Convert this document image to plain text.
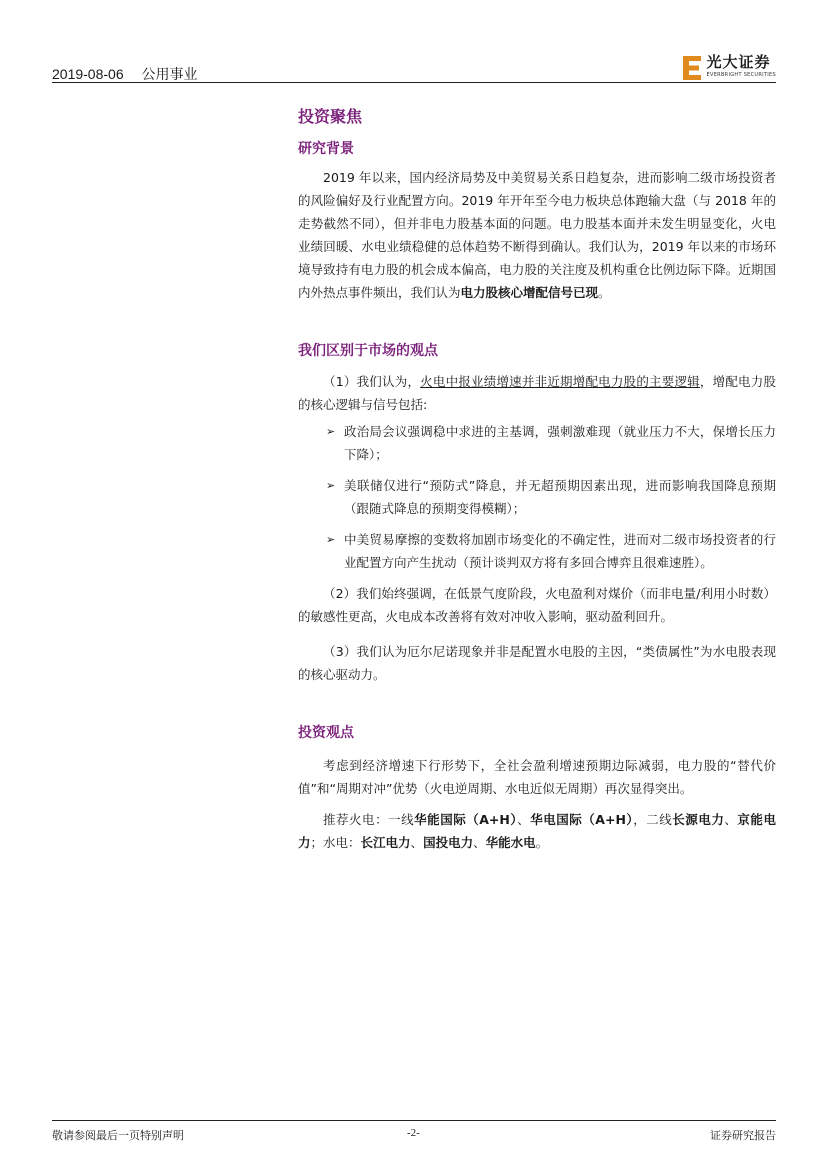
2019-08-06 公用事业
光大证券
EVERBRIGHT SECURITIES
投资聚焦
研究背景

2019 年以来，国内经济局势及中美贸易关系日趋复杂，进而影响二级市场投资者的风险偏好及行业配置方向。2019 年开年至今电力板块总体跑输大盘（与 2018 年的走势截然不同），但并非电力股基本面的问题。电力股基本面并未发生明显变化，火电业绩回暖、水电业绩稳健的总体趋势不断得到确认。我们认为，2019 年以来的市场环境导致持有电力股的机会成本偏高，电力股的关注度及机构重仓比例边际下降。近期国内外热点事件频出，我们认为电力股核心增配信号已现。

我们区别于市场的观点

（1）我们认为，火电中报业绩增速并非近期增配电力股的主要逻辑，增配电力股的核心逻辑与信号包括:

➢ 政治局会议强调稳中求进的主基调，强刺激难现（就业压力不大，保增长压力下降）；
➢ 美联储仅进行“预防式”降息，并无超预期因素出现，进而影响我国降息预期（跟随式降息的预期变得模糊）；
➢ 中美贸易摩擦的变数将加剧市场变化的不确定性，进而对二级市场投资者的行业配置方向产生扰动（预计谈判双方将有多回合博弈且很难速胜）。

（2）我们始终强调，在低景气度阶段，火电盈利对煤价（而非电量/利用小时数）的敏感性更高，火电成本改善将有效对冲收入影响，驱动盈利回升。

（3）我们认为厄尔尼诺现象并非是配置水电股的主因，“类债属性”为水电股表现的核心驱动力。

投资观点

考虑到经济增速下行形势下，全社会盈利增速预期边际减弱，电力股的“替代价值”和“周期对冲”优势（火电逆周期、水电近似无周期）再次显得突出。

推荐火电：一线华能国际（A+H）、华电国际（A+H），二线长源电力、京能电力；水电：长江电力、国投电力、华能水电。

敬请参阅最后一页特别声明	-2-	证券研究报告
